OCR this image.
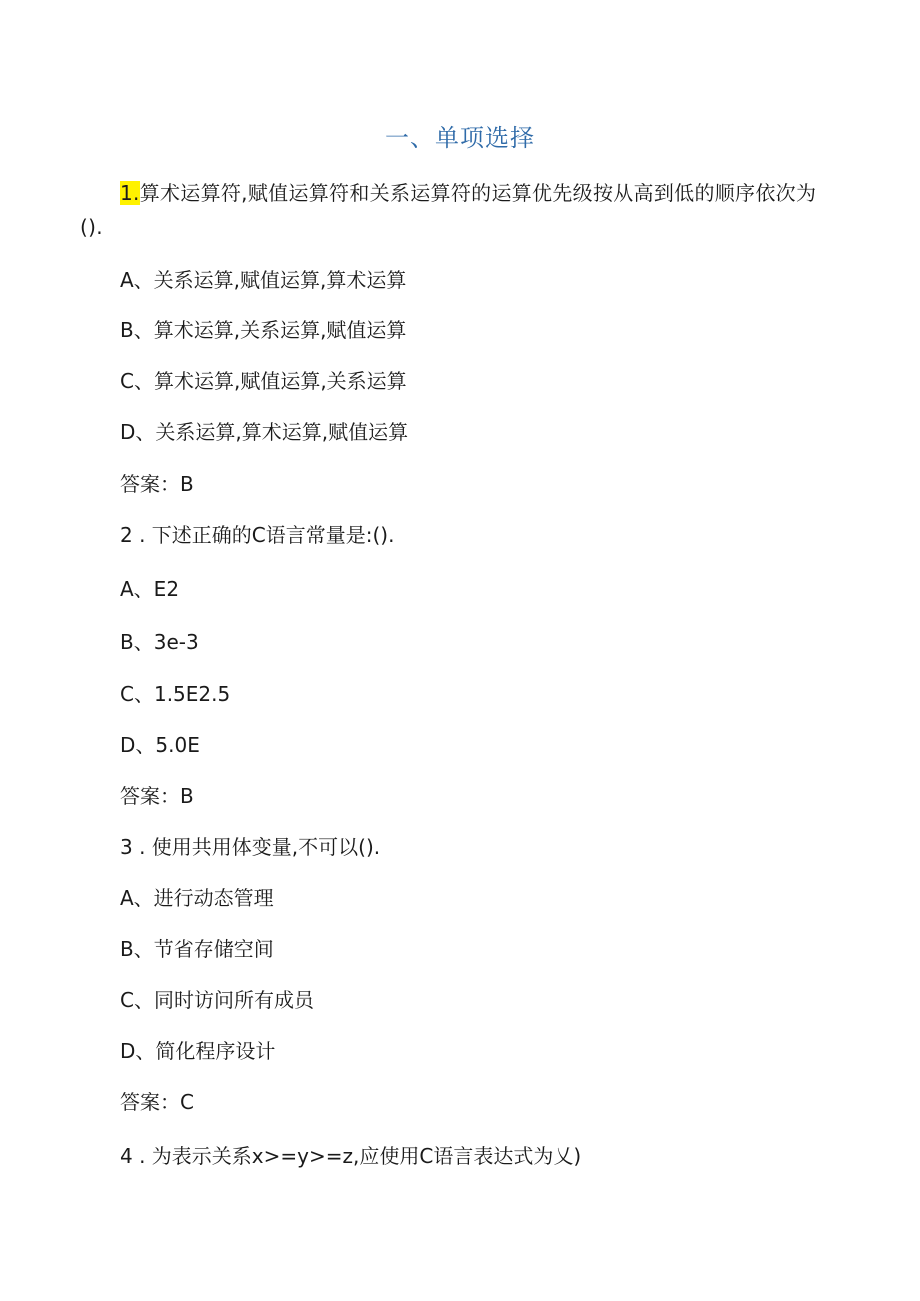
一、单项选择
1.算术运算符,赋值运算符和关系运算符的运算优先级按从高到低的顺序依次为().
A、关系运算,赋值运算,算术运算
B、算术运算,关系运算,赋值运算
C、算术运算,赋值运算,关系运算
D、关系运算,算术运算,赋值运算
答案：B
2 . 下述正确的C语言常量是:().
A、E2
B、3e-3
C、1.5E2.5
D、5.0E
答案：B
3 . 使用共用体变量,不可以().
A、进行动态管理
B、节省存储空间
C、同时访问所有成员
D、简化程序设计
答案：C
4 . 为表示关系x>=y>=z,应使用C语言表达式为乂)
